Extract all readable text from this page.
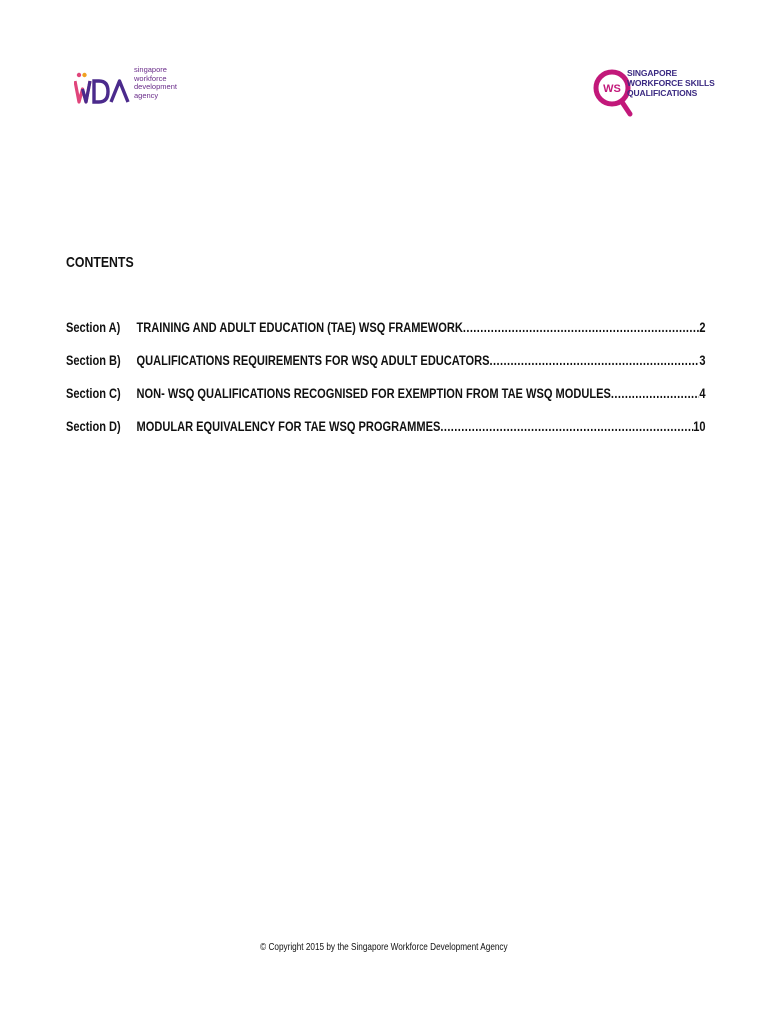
singapore
workforce
development
agency	WS
SINGAPORE
WORKFORCE SKILLS
QUALIFICATIONS
CONTENTS
Section A)	TRAINING AND ADULT EDUCATION (TAE) WSQ FRAMEWORK .....	2
Section B)	QUALIFICATIONS REQUIREMENTS FOR WSQ ADULT EDUCATORS .....	3
Section C)	NON- WSQ QUALIFICATIONS RECOGNISED FOR EXEMPTION FROM TAE WSQ MODULES .....	4
Section D)	MODULAR EQUIVALENCY FOR TAE WSQ PROGRAMMES .....	10
© Copyright 2015 by the Singapore Workforce Development Agency
